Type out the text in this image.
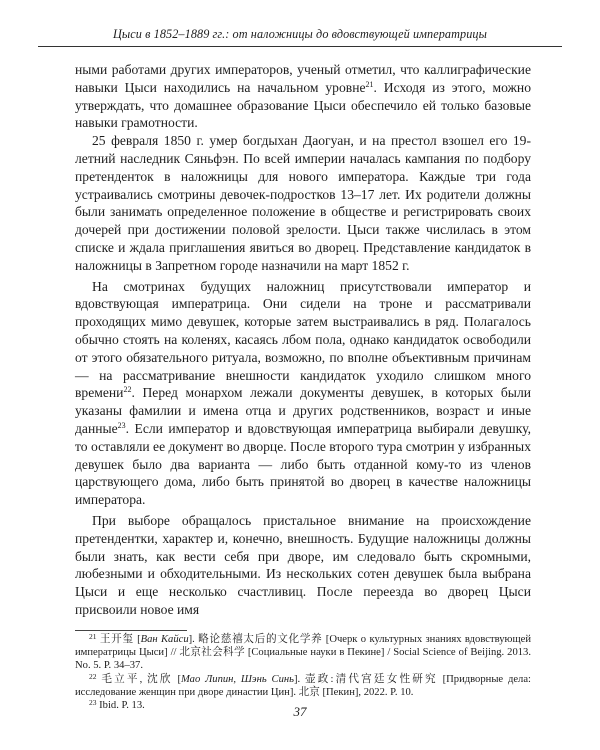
Цыси в 1852–1889 гг.: от наложницы до вдовствующей императрицы

ными работами других императоров, ученый отметил, что каллиграфические навыки Цыси находились на начальном уровне$^{21}$. Исходя из этого, можно утверждать, что домашнее образование Цыси обеспечило ей только базовые навыки грамотности.

25 февраля 1850 г. умер богдыхан Даогуан, и на престол взошел его 19-летний наследник Сяньфэн. По всей империи началась кампания по подбору претенденток в наложницы для нового императора. Каждые три года устраивались смотрины девочек-подростков 13–17 лет. Их родители должны были занимать определенное положение в обществе и регистрировать своих дочерей при достижении половой зрелости. Цыси также числилась в этом списке и ждала приглашения явиться во дворец. Представление кандидаток в наложницы в Запретном городе назначили на март 1852 г.

На смотринах будущих наложниц присутствовали император и вдовствующая императрица. Они сидели на троне и рассматривали проходящих мимо девушек, которые затем выстраивались в ряд. Полагалось обычно стоять на коленях, касаясь лбом пола, однако кандидаток освободили от этого обязательного ритуала, возможно, по вполне объективным причинам — на рассматривание внешности кандидаток уходило слишком много времени$^{22}$. Перед монархом лежали документы девушек, в которых были указаны фамилии и имена отца и других родственников, возраст и иные данные$^{23}$. Если император и вдовствующая императрица выбирали девушку, то оставляли ее документ во дворце. После второго тура смотрин у избранных девушек было два варианта — либо быть отданной кому-то из членов царствующего дома, либо быть принятой во дворец в качестве наложницы императора.

При выборе обращалось пристальное внимание на происхождение претендентки, характер и, конечно, внешность. Будущие наложницы должны были знать, как вести себя при дворе, им следовало быть скромными, любезными и обходительными. Из нескольких сотен девушек была выбрана Цыси и еще несколько счастливиц. После переезда во дворец Цыси присвоили новое имя

$^{21}$ 王开玺 [Ван Кайси]. 略论慈禧太后的文化学养 [Очерк о культурных знаниях вдовствующей императрицы Цыси] // 北京社会科学 [Социальные науки в Пекине] / Social Science of Beijing. 2013. No. 5. P. 34–37.

$^{22}$ 毛立平, 沈欣 [Мао Липин, Шэнь Синь]. 壶政:清代宫廷女性研究 [Придворные дела: исследование женщин при дворе династии Цин]. 北京 [Пекин], 2022. P. 10.

$^{23}$ Ibid. P. 13.	37
